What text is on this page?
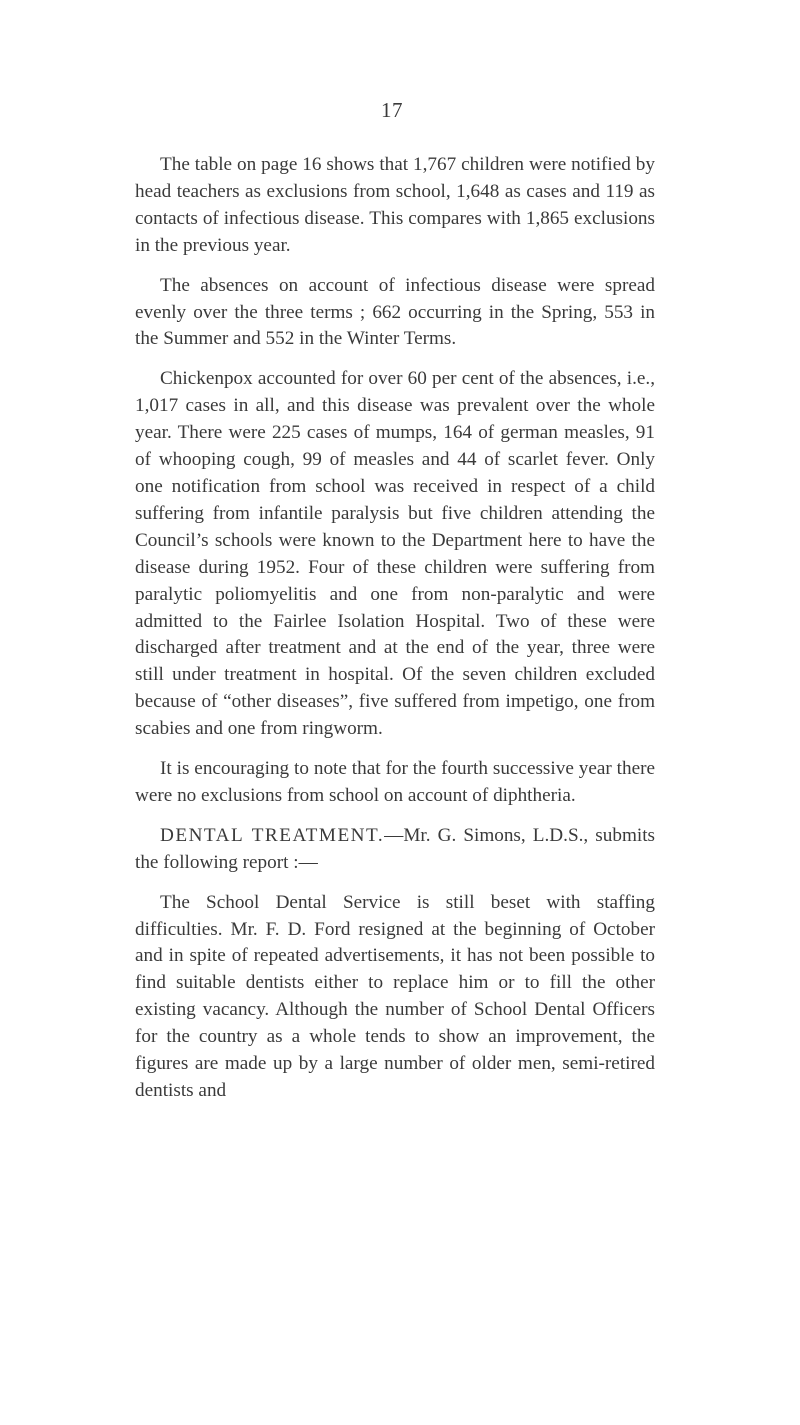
17

The table on page 16 shows that 1,767 children were notified by head teachers as exclusions from school, 1,648 as cases and 119 as contacts of infectious disease. This compares with 1,865 exclusions in the previous year.

The absences on account of infectious disease were spread evenly over the three terms ; 662 occurring in the Spring, 553 in the Summer and 552 in the Winter Terms.

Chickenpox accounted for over 60 per cent of the absences, i.e., 1,017 cases in all, and this disease was prevalent over the whole year. There were 225 cases of mumps, 164 of german measles, 91 of whooping cough, 99 of measles and 44 of scarlet fever. Only one notification from school was received in respect of a child suffering from infantile paralysis but five children attending the Council’s schools were known to the Department here to have the disease during 1952. Four of these children were suffering from paralytic poliomyelitis and one from non-paralytic and were admitted to the Fairlee Isolation Hospital. Two of these were discharged after treatment and at the end of the year, three were still under treatment in hospital. Of the seven children excluded because of “other diseases”, five suffered from impetigo, one from scabies and one from ringworm.

It is encouraging to note that for the fourth successive year there were no exclusions from school on account of diphtheria.

DENTAL TREATMENT.—Mr. G. Simons, L.D.S., submits the following report :—

The School Dental Service is still beset with staffing difficulties. Mr. F. D. Ford resigned at the beginning of October and in spite of repeated advertisements, it has not been possible to find suitable dentists either to replace him or to fill the other existing vacancy. Although the number of School Dental Officers for the country as a whole tends to show an improvement, the figures are made up by a large number of older men, semi-retired dentists and
